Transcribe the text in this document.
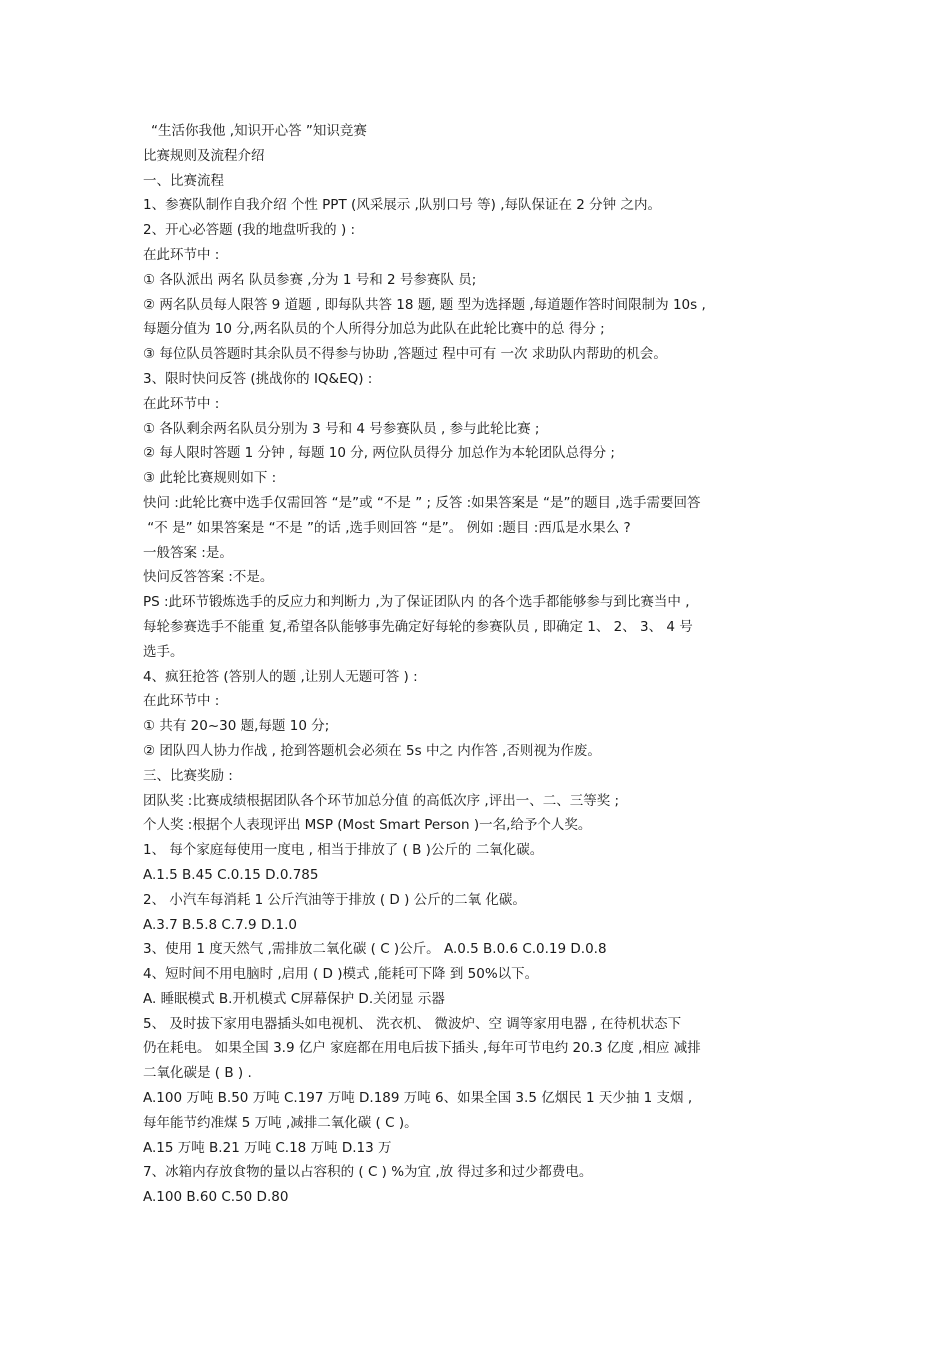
“生活你我他 ,知识开心答 ”知识竞赛
比赛规则及流程介绍
一、比赛流程
1、参赛队制作自我介绍 个性 PPT (风采展示 ,队别口号 等) ,每队保证在 2 分钟 之内。
2、开心必答题 (我的地盘听我的 ) :
在此环节中 :
① 各队派出 两名 队员参赛 ,分为 1 号和 2 号参赛队 员;
② 两名队员每人限答 9 道题 , 即每队共答 18 题, 题 型为选择题 ,每道题作答时间限制为 10s ,
每题分值为 10 分,两名队员的个人所得分加总为此队在此轮比赛中的总 得分 ;
③ 每位队员答题时其余队员不得参与协助 ,答题过 程中可有 一次 求助队内帮助的机会。
3、限时快问反答 (挑战你的 IQ&EQ) :
在此环节中 :
① 各队剩余两名队员分别为 3 号和 4 号参赛队员 , 参与此轮比赛 ;
② 每人限时答题 1 分钟 , 每题 10 分, 两位队员得分 加总作为本轮团队总得分 ;
③ 此轮比赛规则如下 :
快问 :此轮比赛中选手仅需回答 “是”或 “不是 ” ; 反答 :如果答案是 “是”的题目 ,选手需要回答
“不 是” 如果答案是 “不是 ”的话 ,选手则回答 “是”。 例如 :题目 :西瓜是水果么 ?
一般答案 :是。
快问反答答案 :不是。
PS :此环节锻炼选手的反应力和判断力 ,为了保证团队内 的各个选手都能够参与到比赛当中 ,
每轮参赛选手不能重 复,希望各队能够事先确定好每轮的参赛队员 , 即确定 1、 2、 3、 4 号
选手。
4、疯狂抢答 (答别人的题 ,让别人无题可答 ) :
在此环节中 :
① 共有 20~30 题,每题 10 分;
② 团队四人协力作战 , 抢到答题机会必须在 5s 中之 内作答 ,否则视为作废。
三、比赛奖励 :
团队奖 :比赛成绩根据团队各个环节加总分值 的高低次序 ,评出一、二、三等奖 ;
个人奖 :根据个人表现评出 MSP (Most Smart Person )一名,给予个人奖。
1、 每个家庭每使用一度电 , 相当于排放了 ( B )公斤的 二氧化碳。
A.1.5 B.45 C.0.15 D.0.785
2、 小汽车每消耗 1 公斤汽油等于排放 ( D ) 公斤的二氧 化碳。
A.3.7 B.5.8 C.7.9 D.1.0
3、使用 1 度天然气 ,需排放二氧化碳 ( C )公斤。 A.0.5 B.0.6 C.0.19 D.0.8
4、短时间不用电脑时 ,启用 ( D )模式 ,能耗可下降 到 50%以下。
A. 睡眠模式 B.开机模式 C屏幕保护 D.关闭显 示器
5、 及时拔下家用电器插头如电视机、 洗衣机、 微波炉、空 调等家用电器 , 在待机状态下
仍在耗电。 如果全国 3.9 亿户 家庭都在用电后拔下插头 ,每年可节电约 20.3 亿度 ,相应 减排
二氧化碳是 ( B ) .
A.100 万吨 B.50 万吨 C.197 万吨 D.189 万吨 6、如果全国 3.5 亿烟民 1 天少抽 1 支烟 ,
每年能节约准煤 5 万吨 ,减排二氧化碳 ( C )。
A.15 万吨 B.21 万吨 C.18 万吨 D.13 万
7、冰箱内存放食物的量以占容积的 ( C ) %为宜 ,放 得过多和过少都费电。
A.100 B.60 C.50 D.80
